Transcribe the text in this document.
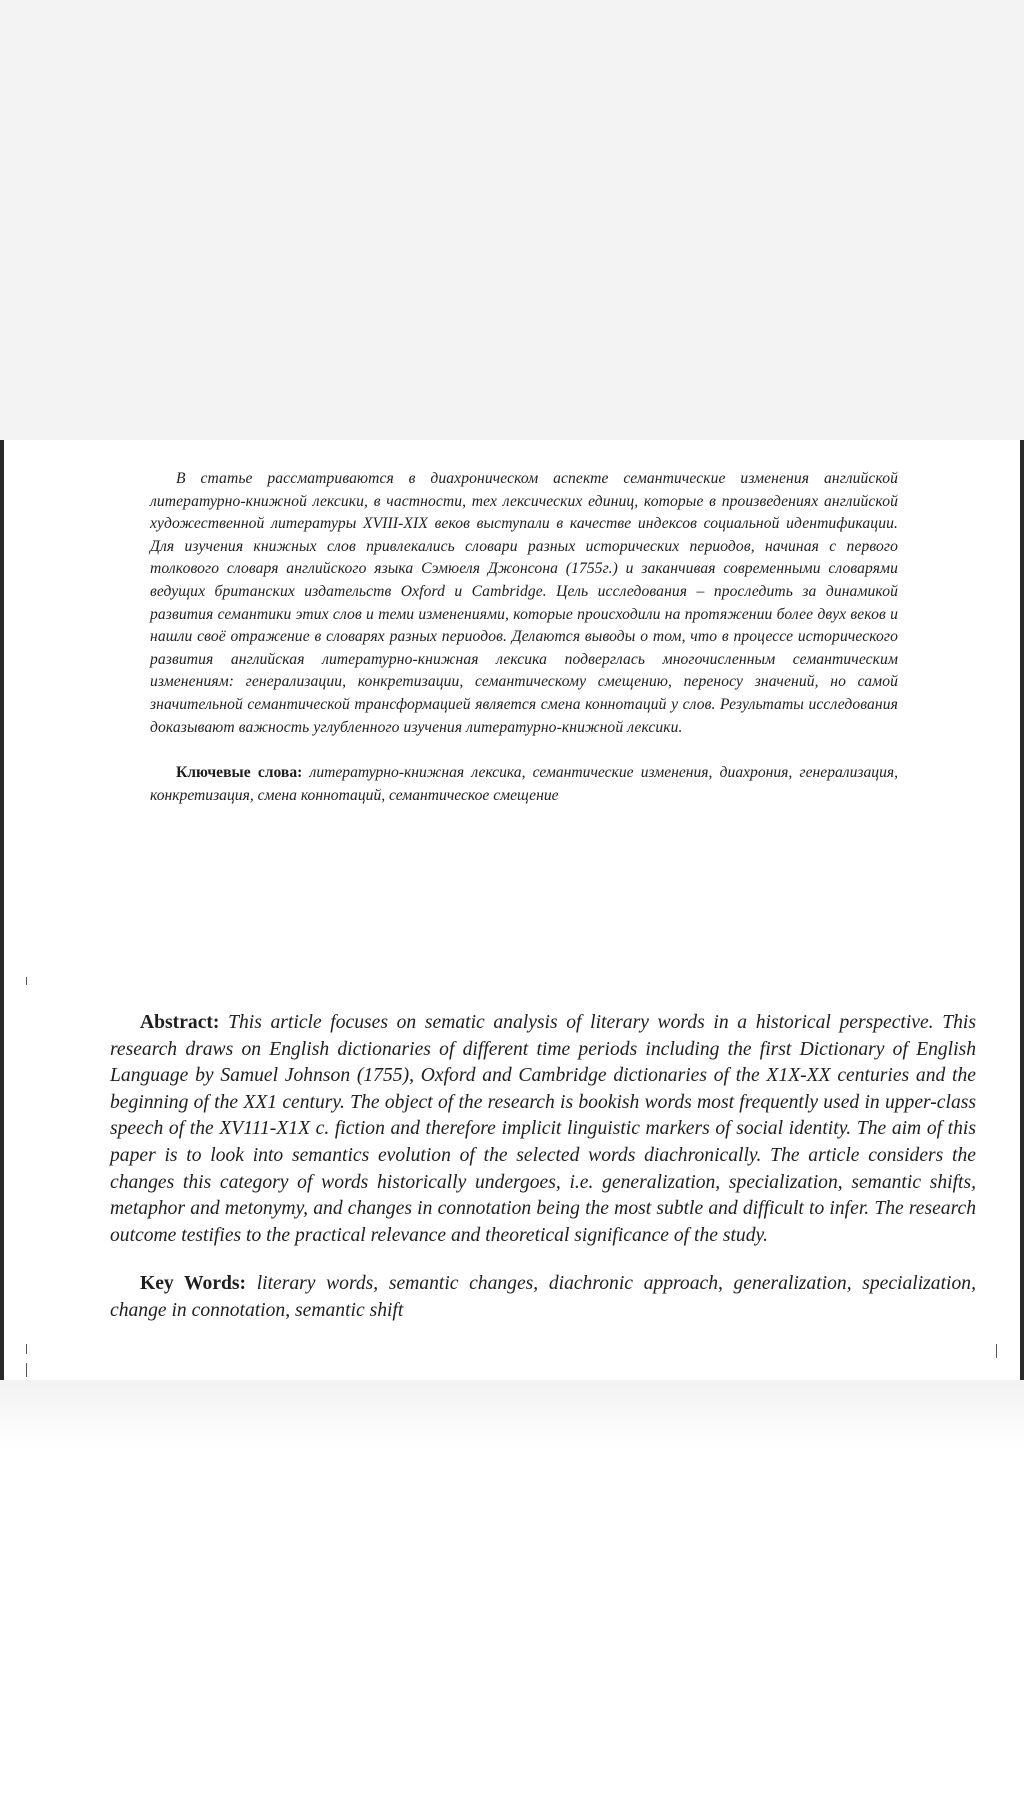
В статье рассматриваются в диахроническом аспекте семантические изменения английской литературно-книжной лексики, в частности, тех лексических единиц, которые в произведениях английской художественной литературы XVIII-XIX веков выступали в качестве индексов социальной идентификации. Для изучения книжных слов привлекались словари разных исторических периодов, начиная с первого толкового словаря английского языка Сэмюеля Джонсона (1755г.) и заканчивая современными словарями ведущих британских издательств Oxford и Cambridge. Цель исследования – проследить за динамикой развития семантики этих слов и теми изменениями, которые происходили на протяжении более двух веков и нашли своё отражение в словарях разных периодов. Делаются выводы о том, что в процессе исторического развития английская литературно-книжная лексика подверглась многочисленным семантическим изменениям: генерализации, конкретизации, семантическому смещению, переносу значений, но самой значительной семантической трансформацией является смена коннотаций у слов. Результаты исследования доказывают важность углубленного изучения литературно-книжной лексики.

Ключевые слова: литературно-книжная лексика, семантические изменения, диахрония, генерализация, конкретизация, смена коннотаций, семантическое смещение

Abstract: This article focuses on sematic analysis of literary words in a historical perspective. This research draws on English dictionaries of different time periods including the first Dictionary of English Language by Samuel Johnson (1755), Oxford and Cambridge dictionaries of the X1X-XX centuries and the beginning of the XX1 century. The object of the research is bookish words most frequently used in upper-class speech of the XV111-X1X c. fiction and therefore implicit linguistic markers of social identity. The aim of this paper is to look into semantics evolution of the selected words diachronically. The article considers the changes this category of words historically undergoes, i.e. generalization, specialization, semantic shifts, metaphor and metonymy, and changes in connotation being the most subtle and difficult to infer. The research outcome testifies to the practical relevance and theoretical significance of the study.

Key Words: literary words, semantic changes, diachronic approach, generalization, specialization, change in connotation, semantic shift
